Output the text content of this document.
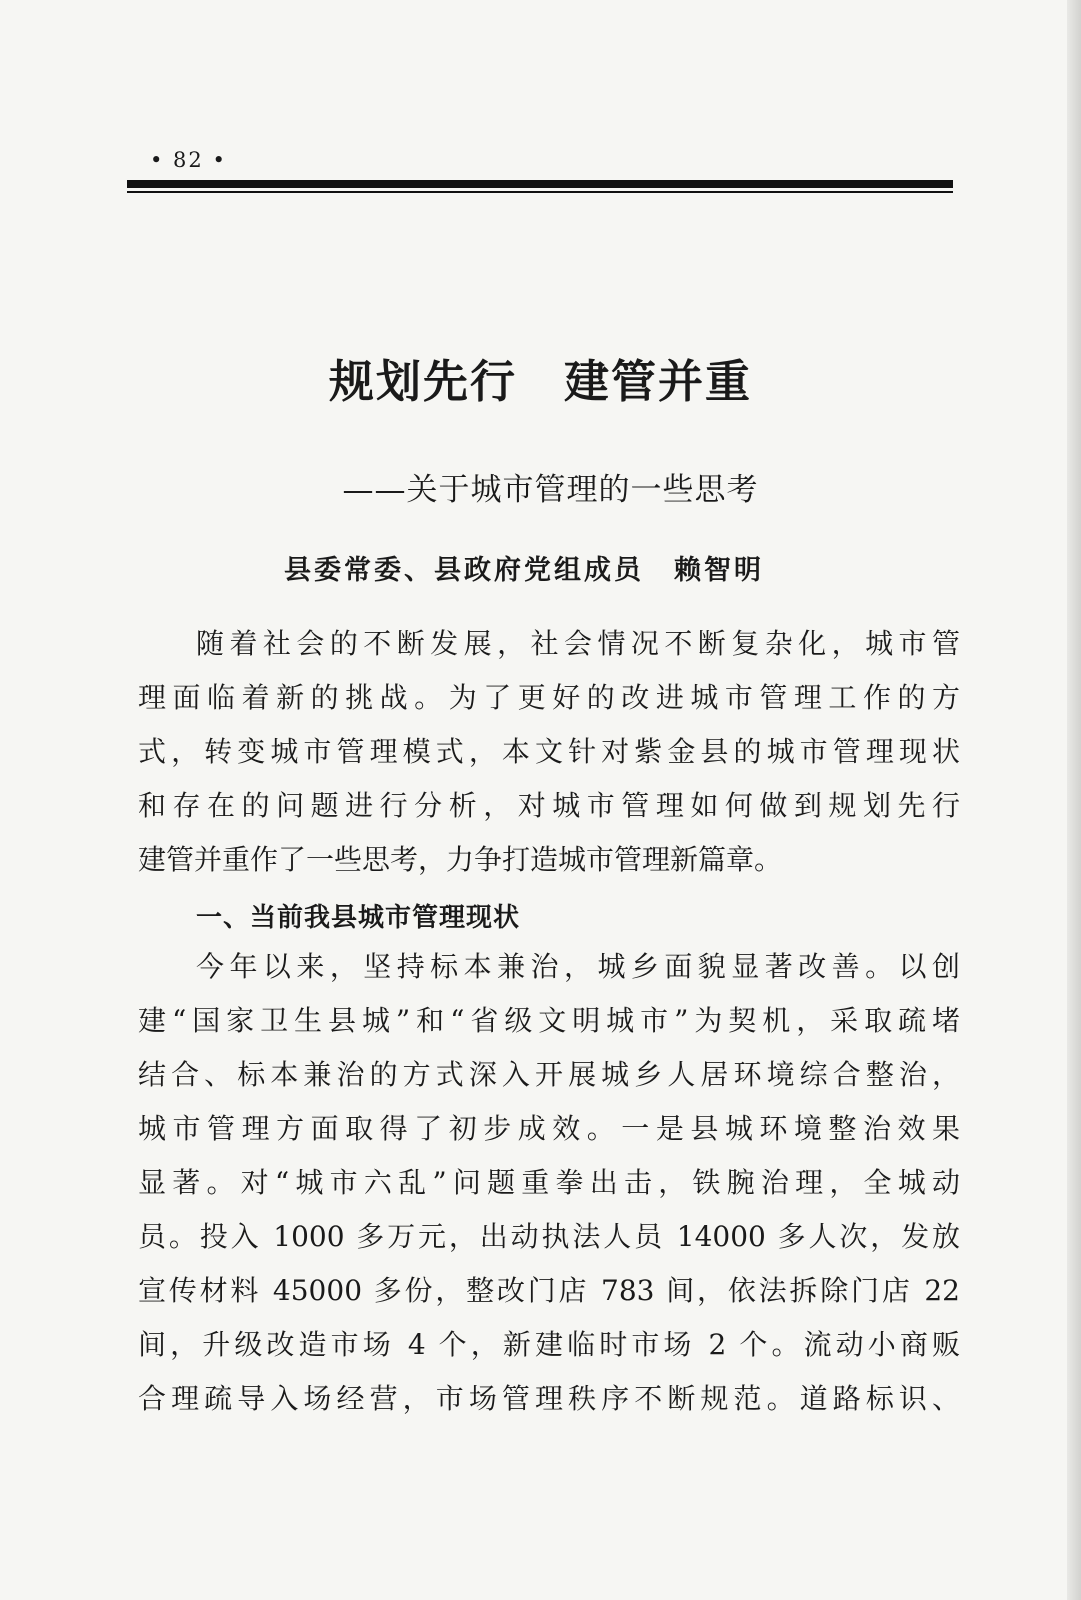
• 82 •
规划先行　建管并重
——关于城市管理的一些思考
县委常委、县政府党组成员　赖智明
随着社会的不断发展，社会情况不断复杂化，城市管
理面临着新的挑战。为了更好的改进城市管理工作的方
式，转变城市管理模式，本文针对紫金县的城市管理现状
和存在的问题进行分析，对城市管理如何做到规划先行
建管并重作了一些思考，力争打造城市管理新篇章。
一、当前我县城市管理现状
今年以来，坚持标本兼治，城乡面貌显著改善。以创
建“国家卫生县城”和“省级文明城市”为契机，采取疏堵
结合、标本兼治的方式深入开展城乡人居环境综合整治，
城市管理方面取得了初步成效。一是县城环境整治效果
显著。对“城市六乱”问题重拳出击，铁腕治理，全城动
员。投入 1000 多万元，出动执法人员 14000 多人次，发放
宣传材料 45000 多份，整改门店 783 间，依法拆除门店 22
间，升级改造市场 4 个，新建临时市场 2 个。流动小商贩
合理疏导入场经营，市场管理秩序不断规范。道路标识、
